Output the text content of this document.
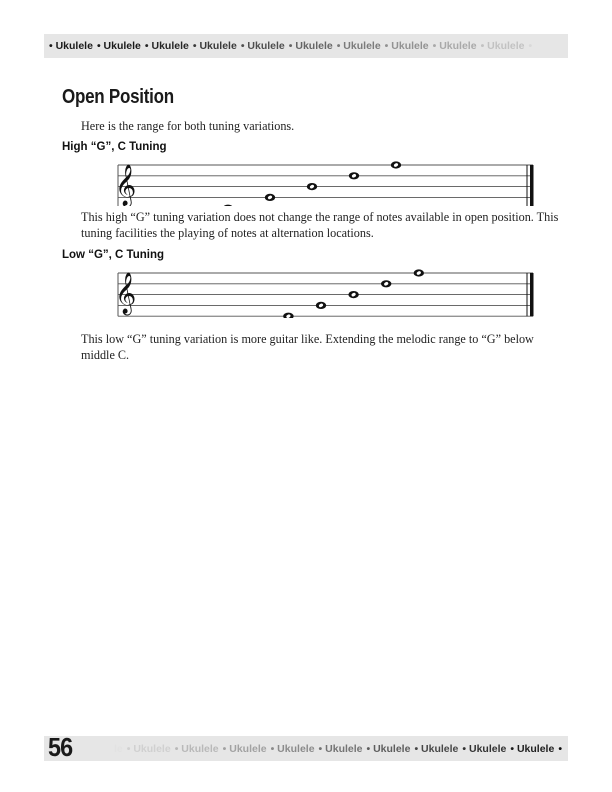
• Ukulele • Ukulele • Ukulele • Ukulele • Ukulele • Ukulele • Ukulele • Ukulele • Ukulele • Ukulele •
Open Position

Here is the range for both tuning variations.

High “G”, C Tuning
𝄞

This high “G” tuning variation does not change the range of notes available in open position. This tuning facilities the playing of notes at alternation locations.

Low “G”, C Tuning
𝄞

This low “G” tuning variation is more guitar like. Extending the melodic range to “G” below middle C.

le • Ukulele • Ukulele • Ukulele • Ukulele • Ukulele • Ukulele • Ukulele • Ukulele • Ukulele •
56
